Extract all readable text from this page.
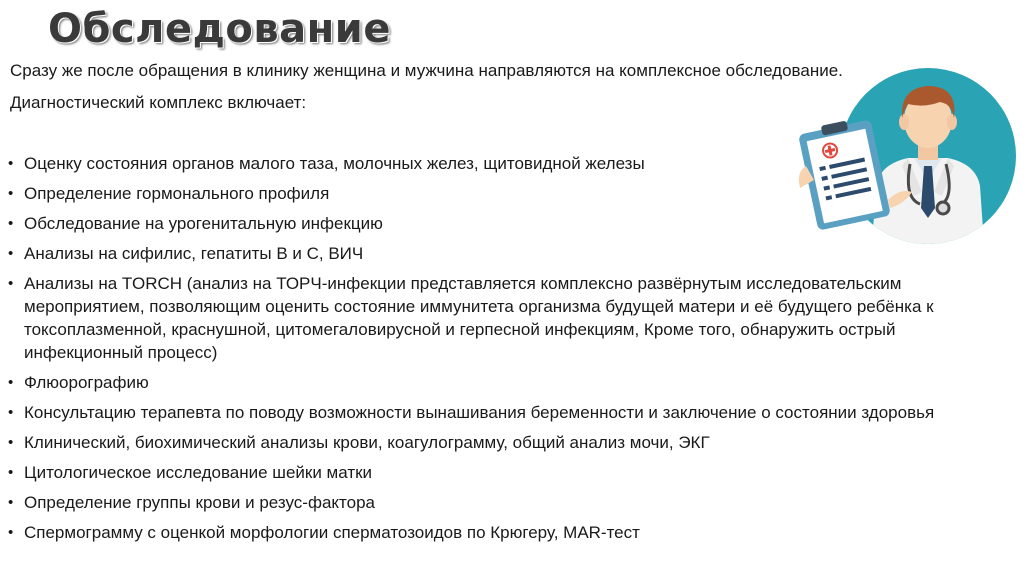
Обследование
Сразу же после обращения в клинику женщина и мужчина направляются на комплексное обследование.
Диагностический комплекс включает:
• Оценку состояния органов малого таза, молочных желез, щитовидной железы
• Определение гормонального профиля
• Обследование на урогенитальную инфекцию
• Анализы на сифилис, гепатиты B и C, ВИЧ
• Анализы на TORCH (анализ на ТОРЧ-инфекции представляется комплексно развёрнутым исследовательским мероприятием, позволяющим оценить состояние иммунитета организма будущей матери и её будущего ребёнка к токсоплазменной, краснушной, цитомегаловирусной и герпесной инфекциям, Кроме того, обнаружить острый инфекционный процесс)
• Флюорографию
• Консультацию терапевта по поводу возможности вынашивания беременности и заключение о состоянии здоровья
• Клинический, биохимический анализы крови, коагулограмму, общий анализ мочи, ЭКГ
• Цитологическое исследование шейки матки
• Определение группы крови и резус-фактора
• Спермограмму с оценкой морфологии сперматозоидов по Крюгеру, MAR-тест
